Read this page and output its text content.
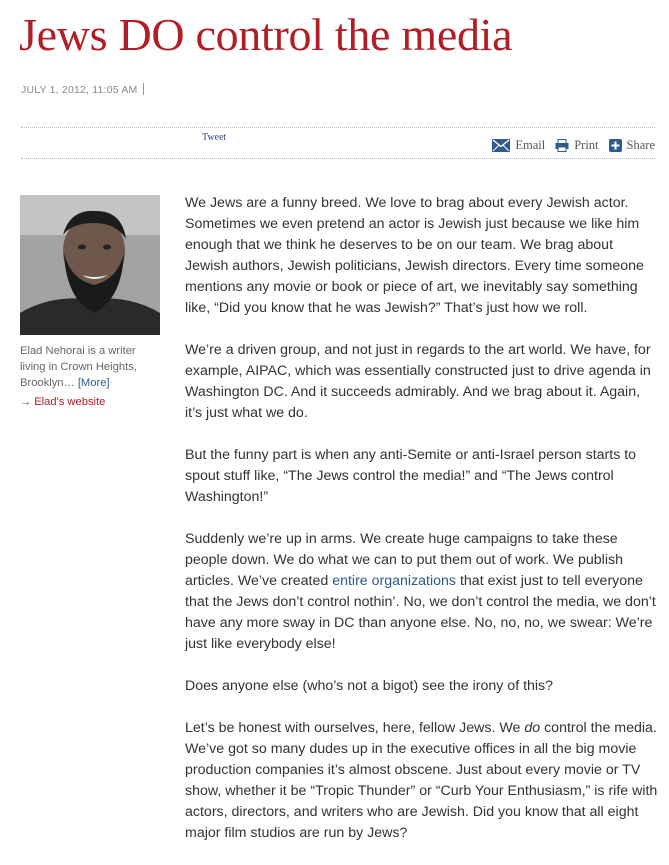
Jews DO control the media
JULY 1, 2012, 11:05 AM
Tweet
Email Print Share
Elad Nehorai is a writer living in Crown Heights, Brooklyn… [More]
→ Elad's website

We Jews are a funny breed. We love to brag about every Jewish actor. Sometimes we even pretend an actor is Jewish just because we like him enough that we think he deserves to be on our team. We brag about Jewish authors, Jewish politicians, Jewish directors. Every time someone mentions any movie or book or piece of art, we inevitably say something like, “Did you know that he was Jewish?” That’s just how we roll.

We’re a driven group, and not just in regards to the art world. We have, for example, AIPAC, which was essentially constructed just to drive agenda in Washington DC. And it succeeds admirably. And we brag about it. Again, it’s just what we do.

But the funny part is when any anti-Semite or anti-Israel person starts to spout stuff like, “The Jews control the media!” and “The Jews control Washington!”

Suddenly we’re up in arms. We create huge campaigns to take these people down. We do what we can to put them out of work. We publish articles. We’ve created entire organizations that exist just to tell everyone that the Jews don’t control nothin’. No, we don’t control the media, we don’t have any more sway in DC than anyone else. No, no, no, we swear: We’re just like everybody else!

Does anyone else (who’s not a bigot) see the irony of this?

Let’s be honest with ourselves, here, fellow Jews. We do control the media. We’ve got so many dudes up in the executive offices in all the big movie production companies it’s almost obscene. Just about every movie or TV show, whether it be “Tropic Thunder” or “Curb Your Enthusiasm,” is rife with actors, directors, and writers who are Jewish. Did you know that all eight major film studios are run by Jews?
